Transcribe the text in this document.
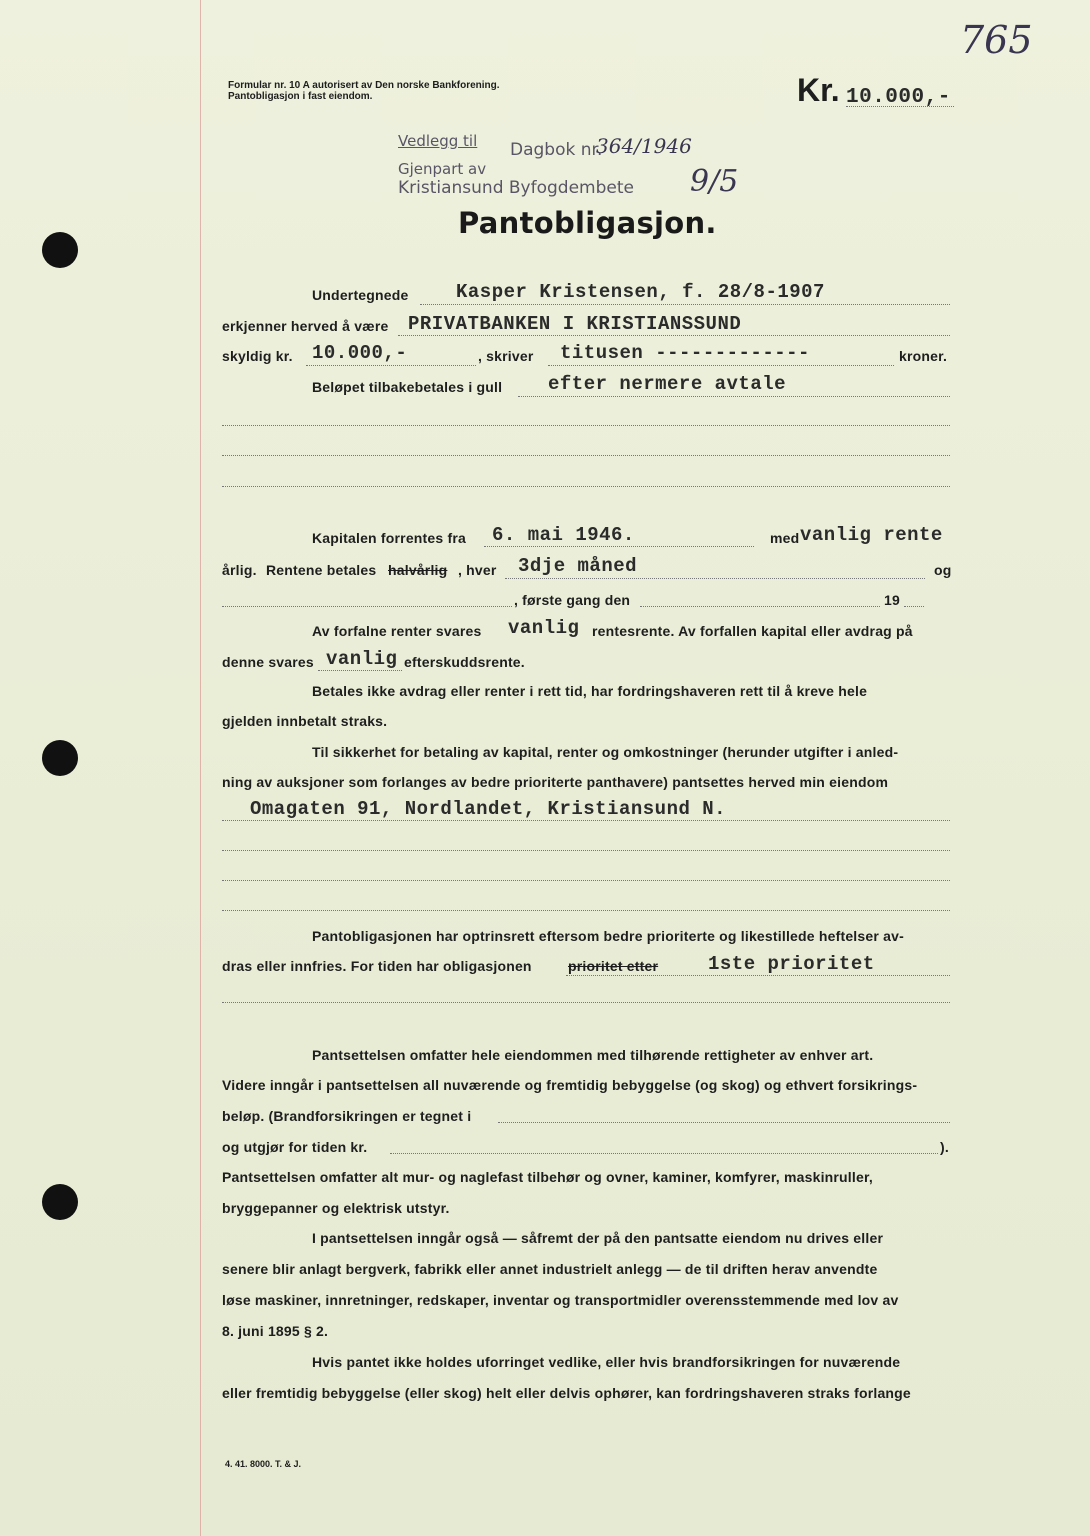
Formular nr. 10 A autorisert av Den norske Bankforening.
Pantobligasjon i fast eiendom.	Kr. 10.000,-
765
Vedlegg til Dagbok nr.
364/1946
Gjenpart av
Kristiansund Byfogdembete 9/5
Pantobligasjon.
Undertegnede Kasper Kristensen, f. 28/8-1907
erkjenner herved å være PRIVATBANKEN I KRISTIANSSUND
skyldig kr. 10.000,-	, skriver titusen -------------	kroner.
Beløpet tilbakebetales i gull efter nermere avtale
Kapitalen forrentes fra 6. mai 1946.	med vanlig rente
årlig. Rentene betales halvårlig , hver 3dje måned	og
, første gang den	19
Av forfalne renter svares vanlig rentesrente. Av forfallen kapital eller avdrag på
denne svares vanlig efterskuddsrente.
Betales ikke avdrag eller renter i rett tid, har fordringshaveren rett til å kreve hele
gjelden innbetalt straks.
Til sikkerhet for betaling av kapital, renter og omkostninger (herunder utgifter i anled-
ning av auksjoner som forlanges av bedre prioriterte panthavere) pantsettes herved min eiendom
Omagaten 91, Nordlandet, Kristiansund N.
Pantobligasjonen har optrinsrett eftersom bedre prioriterte og likestillede heftelser av-
dras eller innfries. For tiden har obligasjonen	prioritet etter	1ste prioritet
Pantsettelsen omfatter hele eiendommen med tilhørende rettigheter av enhver art.
Videre inngår i pantsettelsen all nuværende og fremtidig bebyggelse (og skog) og ethvert forsikrings-
beløp. (Brandforsikringen er tegnet i
og utgjør for tiden kr.	).
Pantsettelsen omfatter alt mur- og naglefast tilbehør og ovner, kaminer, komfyrer, maskinruller,
bryggepanner og elektrisk utstyr.
I pantsettelsen inngår også — såfremt der på den pantsatte eiendom nu drives eller
senere blir anlagt bergverk, fabrikk eller annet industrielt anlegg — de til driften herav anvendte
løse maskiner, innretninger, redskaper, inventar og transportmidler overensstemmende med lov av
8. juni 1895 § 2.
Hvis pantet ikke holdes uforringet vedlike, eller hvis brandforsikringen for nuværende
eller fremtidig bebyggelse (eller skog) helt eller delvis ophører, kan fordringshaveren straks forlange
4. 41. 8000. T. & J.
